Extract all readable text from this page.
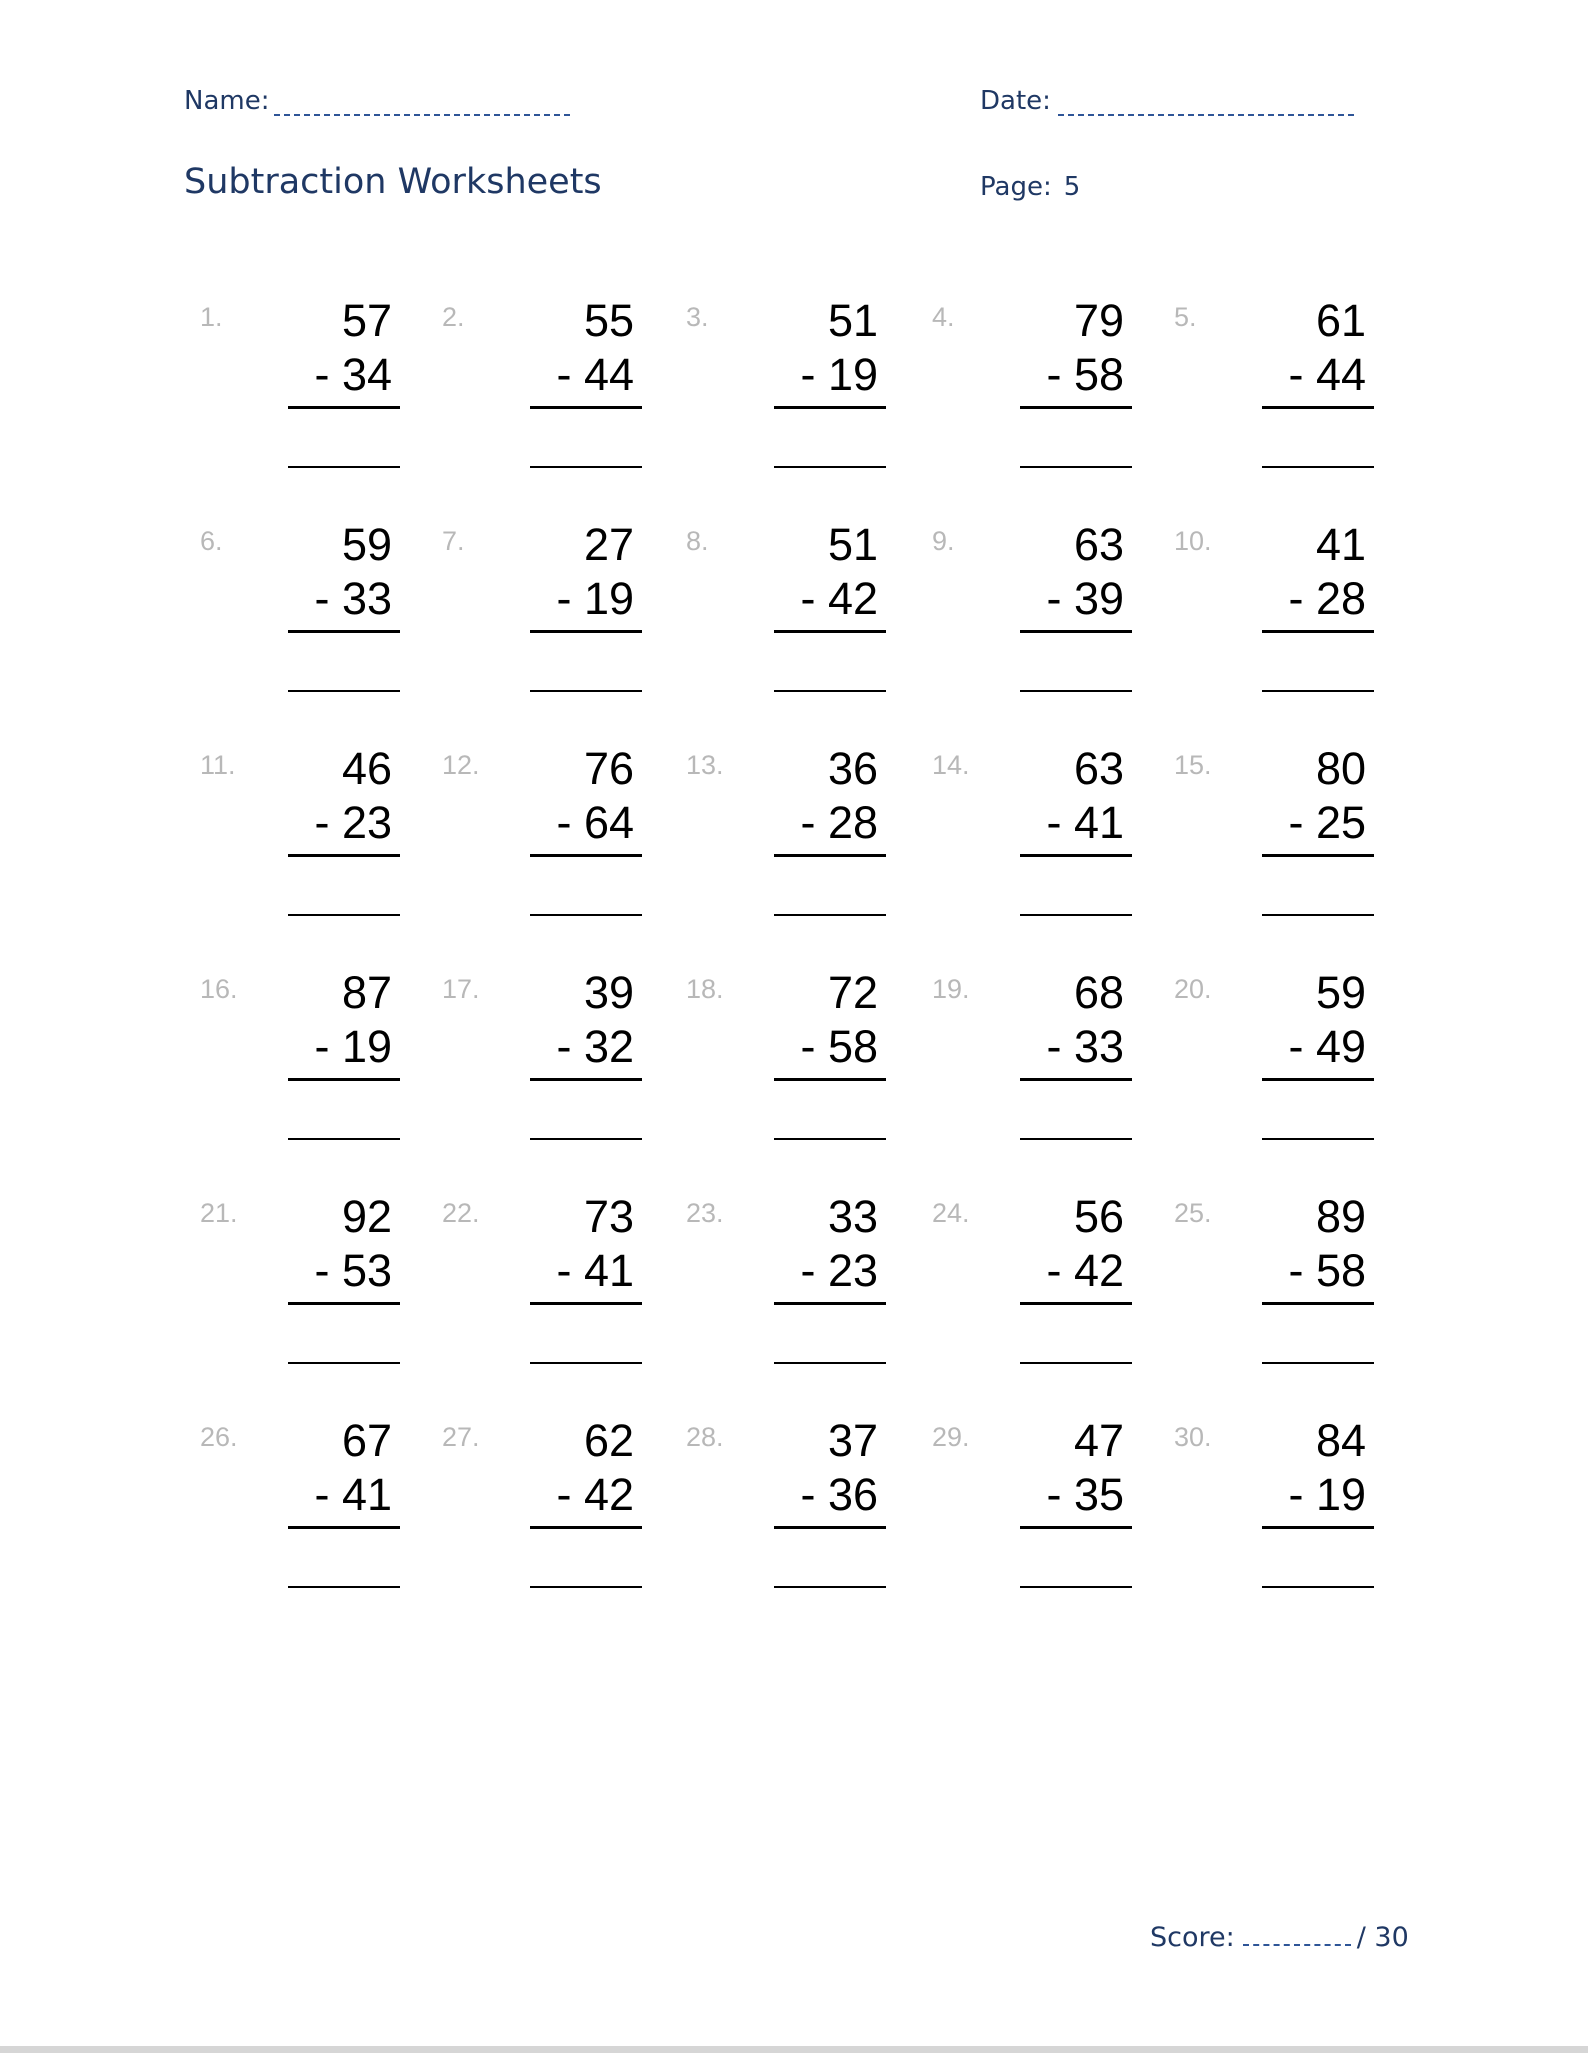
Name:	Date:
Subtraction Worksheets	Page: 5
1.	57
- 34
2.	55
- 44
3.	51
- 19
4.	79
- 58
5.	61
- 44
6.	59
- 33
7.	27
- 19
8.	51
- 42
9.	63
- 39
10.	41
- 28
11.	46
- 23
12.	76
- 64
13.	36
- 28
14.	63
- 41
15.	80
- 25
16.	87
- 19
17.	39
- 32
18.	72
- 58
19.	68
- 33
20.	59
- 49
21.	92
- 53
22.	73
- 41
23.	33
- 23
24.	56
- 42
25.	89
- 58
26.	67
- 41
27.	62
- 42
28.	37
- 36
29.	47
- 35
30.	84
- 19
Score:	/ 30
